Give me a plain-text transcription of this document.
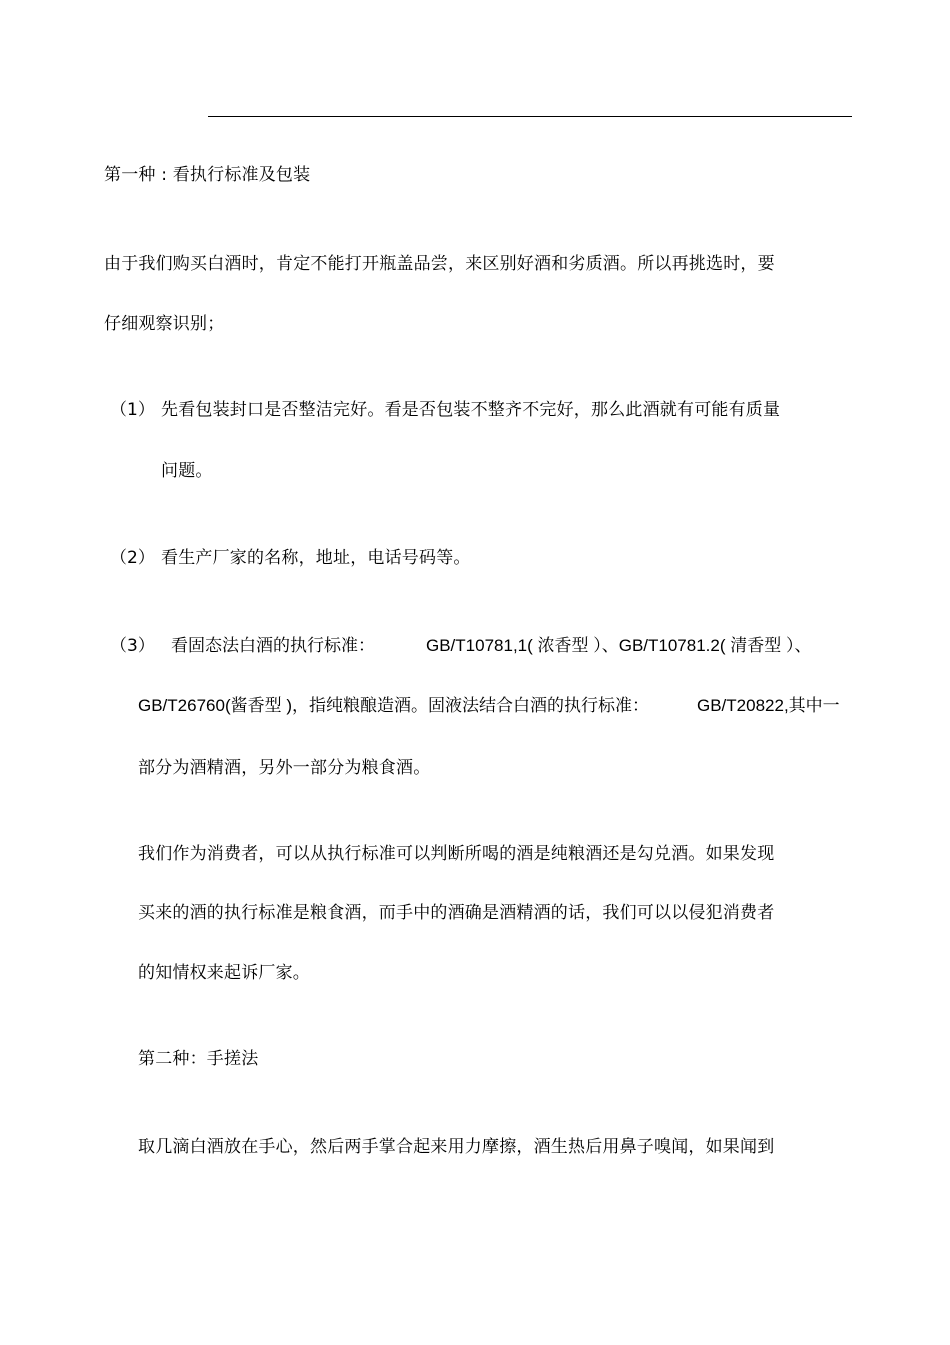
第一种 : 看执行标准及包装
由于我们购买白酒时，肯定不能打开瓶盖品尝，来区别好酒和劣质酒。所以再挑选时，要
仔细观察识别；
（1） 先看包装封口是否整洁完好。看是否包装不整齐不完好，那么此酒就有可能有质量
问题。
（2） 看生产厂家的名称，地址，电话号码等。
（3） 看固态法白酒的执行标准：	GB/T10781,1( 浓香型 ）、GB/T10781.2( 清香型 ）、
GB/T26760(酱香型 )，指纯粮酿造酒。固液法结合白酒的执行标准：	GB/T20822,其中一
部分为酒精酒，另外一部分为粮食酒。
我们作为消费者，可以从执行标准可以判断所喝的酒是纯粮酒还是勾兑酒。如果发现
买来的酒的执行标准是粮食酒，而手中的酒确是酒精酒的话，我们可以以侵犯消费者
的知情权来起诉厂家。
第二种：手搓法
取几滴白酒放在手心，然后两手掌合起来用力摩擦，酒生热后用鼻子嗅闻，如果闻到
